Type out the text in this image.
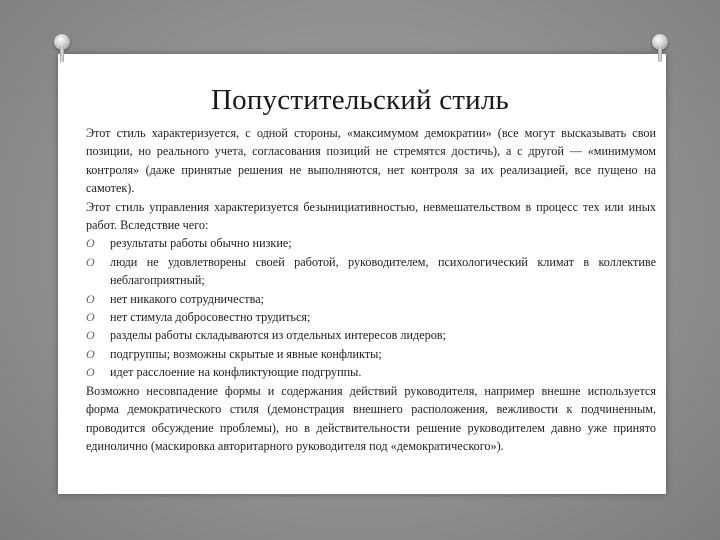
Попустительский стиль

Этот стиль характеризуется, с одной стороны, «максимумом демократии» (все могут высказывать свои позиции, но реального учета, согласования позиций не стремятся достичь), а с другой — «минимумом контроля» (даже принятые решения не выполняются, нет контроля за их реализацией, все пущено на самотек).

Этот стиль управления характеризуется безынициативностью, невмешательством в процесс тех или иных работ. Вследствие чего:

O результаты работы обычно низкие;
O люди не удовлетворены своей работой, руководителем, психологический климат в коллективе неблагоприятный;
O нет никакого сотрудничества;
O нет стимула добросовестно трудиться;
O разделы работы складываются из отдельных интересов лидеров;
O подгруппы; возможны скрытые и явные конфликты;
O идет расслоение на конфликтующие подгруппы.

Возможно несовпадение формы и содержания действий руководителя, например внешне используется форма демократического стиля (демонстрация внешнего расположения, вежливости к подчиненным, проводится обсуждение проблемы), но в действительности решение руководителем давно уже принято единолично (маскировка авторитарного руководителя под «демократического»).
